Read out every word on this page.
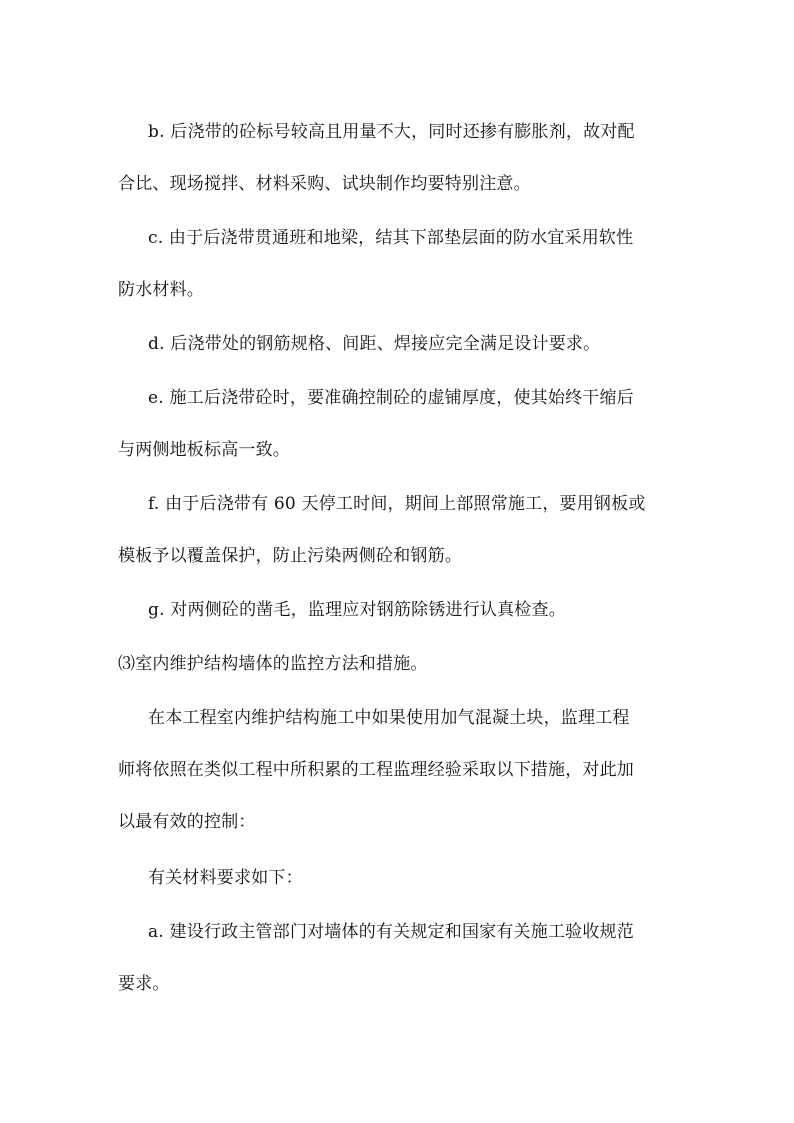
b. 后浇带的砼标号较高且用量不大，同时还掺有膨胀剂，故对配
合比、现场搅拌、材料采购、试块制作均要特别注意。
c. 由于后浇带贯通班和地梁，结其下部垫层面的防水宜采用软性
防水材料。
d. 后浇带处的钢筋规格、间距、焊接应完全满足设计要求。
e. 施工后浇带砼时，要准确控制砼的虚铺厚度，使其始终干缩后
与两侧地板标高一致。
f. 由于后浇带有 60 天停工时间，期间上部照常施工，要用钢板或
模板予以覆盖保护，防止污染两侧砼和钢筋。
g. 对两侧砼的凿毛，监理应对钢筋除锈进行认真检查。
⑶室内维护结构墙体的监控方法和措施。
在本工程室内维护结构施工中如果使用加气混凝土块，监理工程
师将依照在类似工程中所积累的工程监理经验采取以下措施，对此加
以最有效的控制：
有关材料要求如下：
a. 建设行政主管部门对墙体的有关规定和国家有关施工验收规范
要求。
